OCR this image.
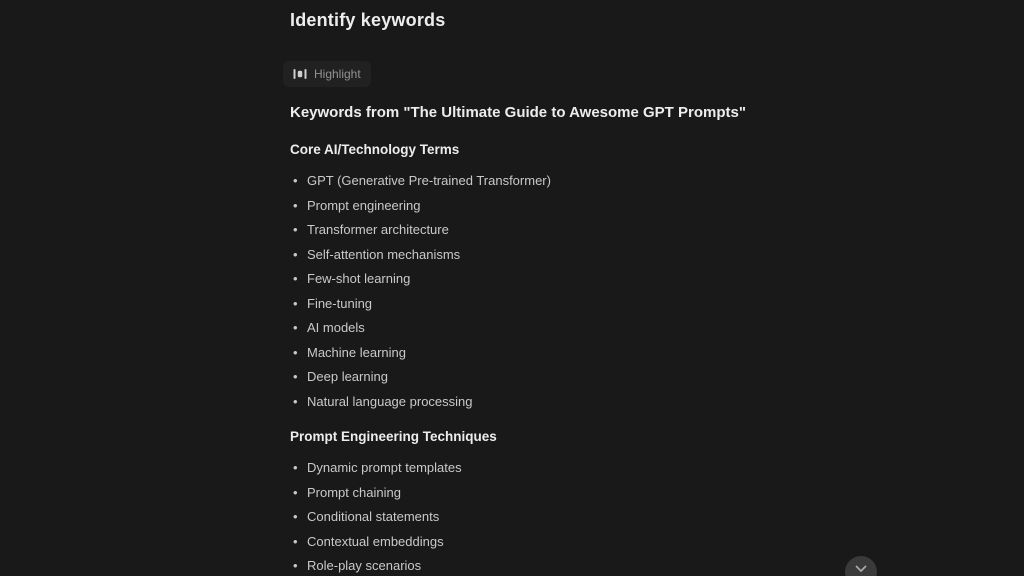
Identify keywords
Highlight
Keywords from "The Ultimate Guide to Awesome GPT Prompts"
Core AI/Technology Terms
• GPT (Generative Pre-trained Transformer)
• Prompt engineering
• Transformer architecture
• Self-attention mechanisms
• Few-shot learning
• Fine-tuning
• AI models
• Machine learning
• Deep learning
• Natural language processing
Prompt Engineering Techniques
• Dynamic prompt templates
• Prompt chaining
• Conditional statements
• Contextual embeddings
• Role-play scenarios
